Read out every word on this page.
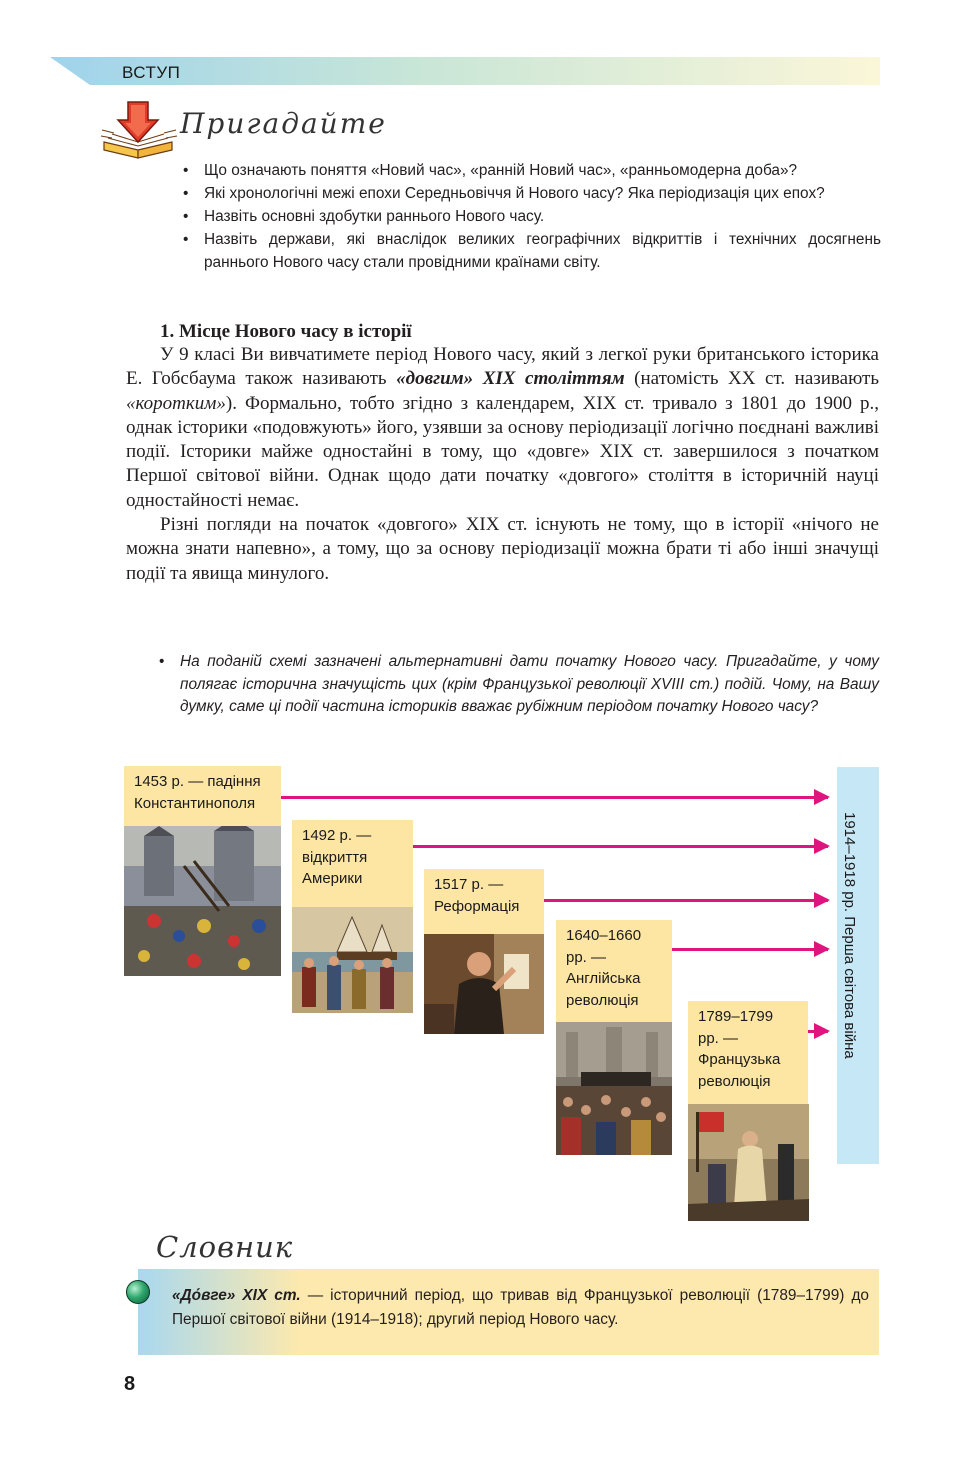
ВСТУП
Пригадайте
• Що означають поняття «Новий час», «ранній Новий час», «ранньомодерна доба»?
• Які хронологічні межі епохи Середньовіччя й Нового часу? Яка періодизація цих епох?
• Назвіть основні здобутки раннього Нового часу.
• Назвіть держави, які внаслідок великих географічних відкриттів і технічних досягнень раннього Нового часу стали провідними країнами світу.
1. Місце Нового часу в історії

У 9 класі Ви вивчатимете період Нового часу, який з легкої руки британського історика Е. Гобсбаума також називають «довгим» XIX століттям (натомість XX ст. називають «коротким»). Формально, тобто згідно з календарем, XIX ст. тривало з 1801 до 1900 р., однак історики «подовжують» його, узявши за основу періодизації логічно поєднані важливі події. Історики майже одностайні в тому, що «довге» XIX ст. завершилося з початком Першої світової війни. Однак щодо дати початку «довгого» століття в історичній науці одностайності немає.

Різні погляди на початок «довгого» XIX ст. існують не тому, що в історії «нічого не можна знати напевно», а тому, що за основу періодизації можна брати ті або інші значущі події та явища минулого.

• На поданій схемі зазначені альтернативні дати початку Нового часу. Пригадайте, у чому полягає історична значущість цих (крім Французької революції XVIII ст.) подій. Чому, на Вашу думку, саме ці події частина істориків вважає рубіжним періодом початку Нового часу?
1914–1918 рр. Перша світова війна
1453 р. — падіння Константинополя
1492 р. — відкриття Америки	1517 р. — Реформація
1640–1660 рр. — Англійська революція
1789–1799 рр. — Французька революція
Словник
«До́вге» XIX ст. — історичний період, що тривав від Французької революції (1789–1799) до Першої світової війни (1914–1918); другий період Нового часу.
8
